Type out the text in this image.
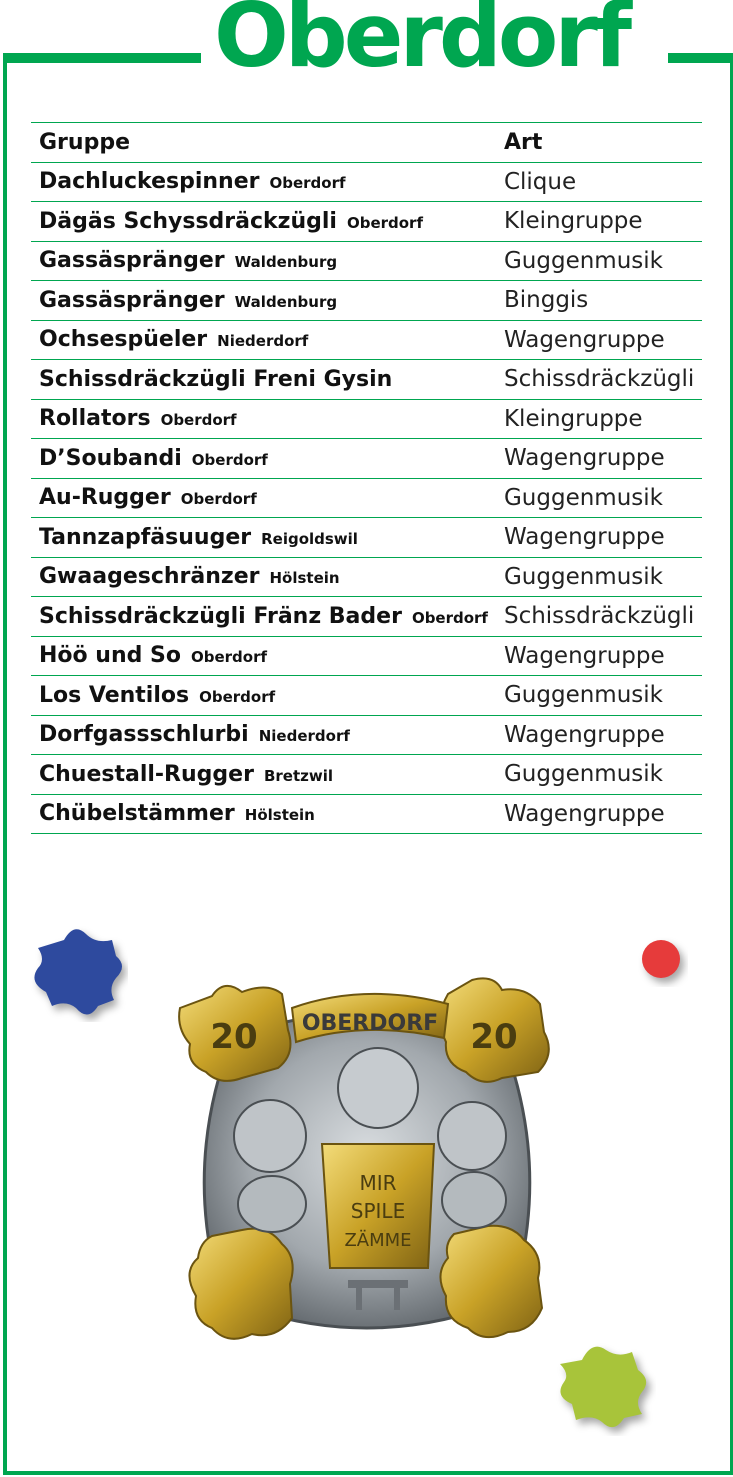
Oberdorf
Gruppe	Art
Dachluckespinner Oberdorf	Clique
Dägäs Schyssdräckzügli Oberdorf	Kleingruppe
Gassäspränger Waldenburg	Guggenmusik
Gassäspränger Waldenburg	Binggis
Ochsespüeler Niederdorf	Wagengruppe
Schissdräckzügli Freni Gysin	Schissdräckzügli
Rollators Oberdorf	Kleingruppe
D’Soubandi Oberdorf	Wagengruppe
Au-Rugger Oberdorf	Guggenmusik
Tannzapfäsuuger Reigoldswil	Wagengruppe
Gwaageschränzer Hölstein	Guggenmusik
Schissdräckzügli Fränz Bader Oberdorf	Schissdräckzügli
Höö und So Oberdorf	Wagengruppe
Los Ventilos Oberdorf	Guggenmusik
Dorfgassschlurbi Niederdorf	Wagengruppe
Chuestall-Rugger Bretzwil	Guggenmusik
Chübelstämmer Hölstein	Wagengruppe
OBERDORF
20	20
MIR
SPILE
ZÄMME
